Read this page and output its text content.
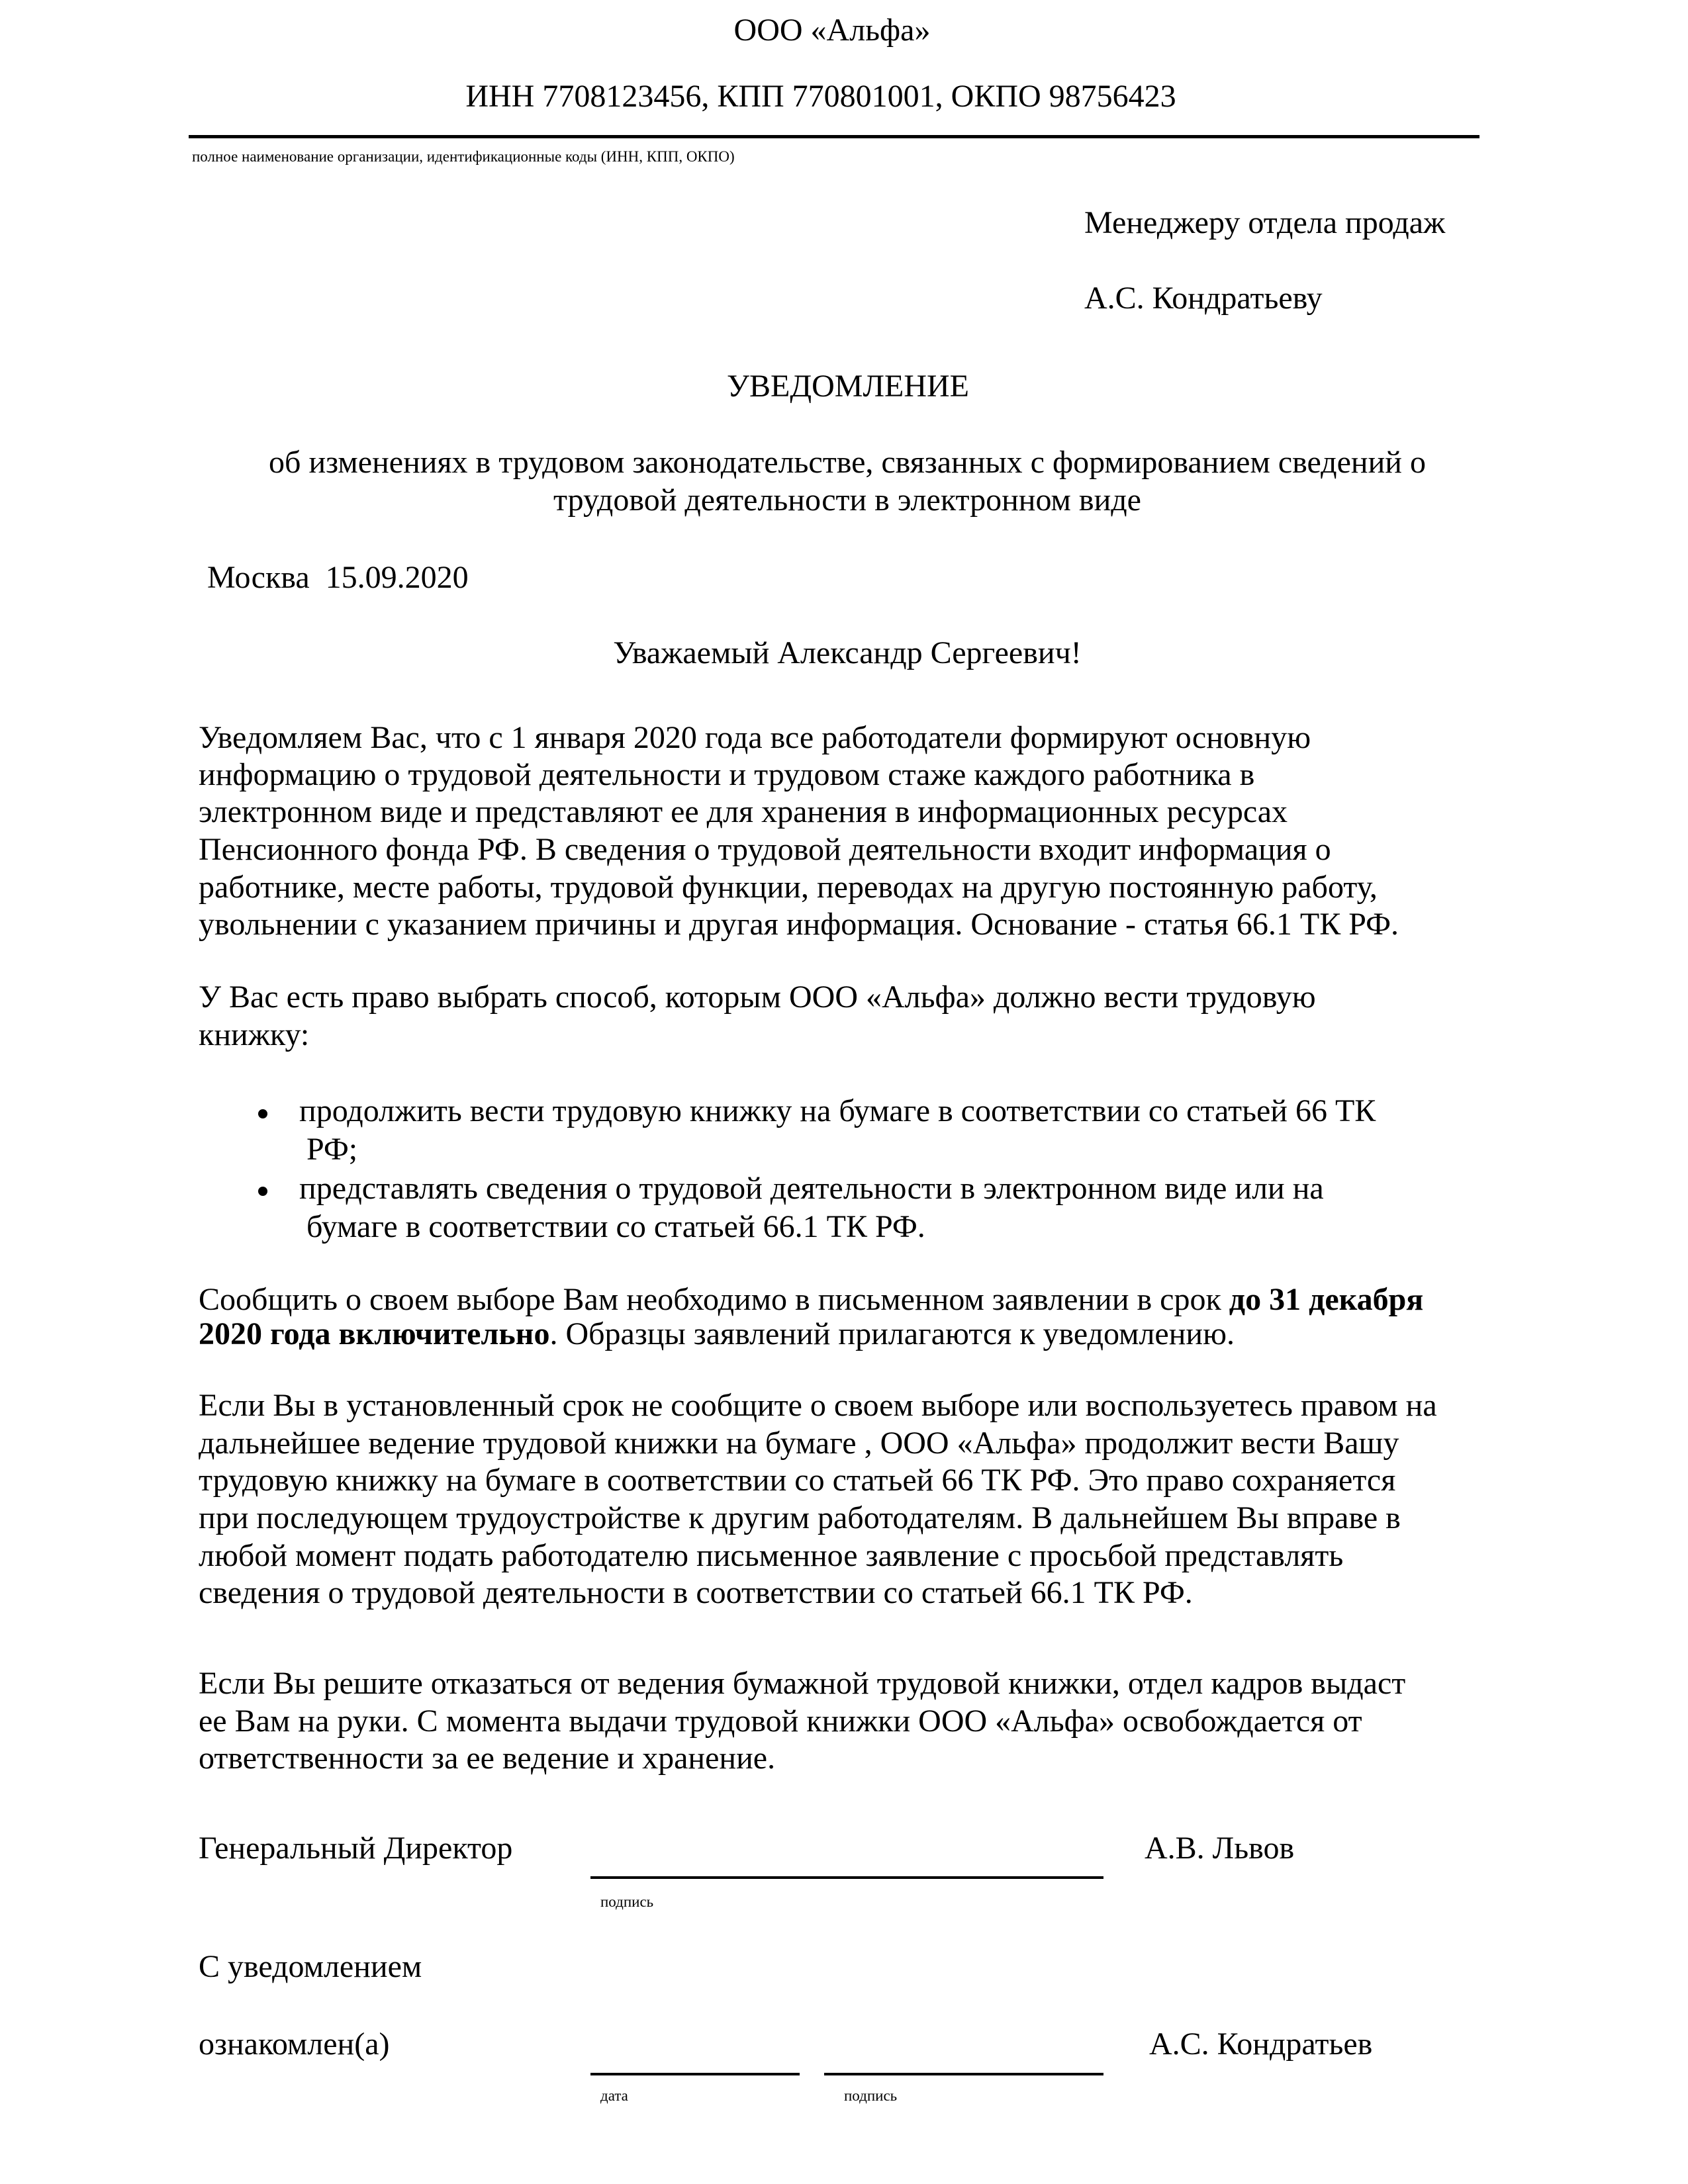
ООО «Альфа»
ИНН 7708123456, КПП 770801001, ОКПО 98756423
полное наименование организации, идентификационные коды (ИНН, КПП, ОКПО)
Менеджеру отдела продаж
А.С. Кондратьеву
УВЕДОМЛЕНИЕ
об изменениях в трудовом законодательстве, связанных с формированием сведений о
трудовой деятельности в электронном виде
Москва 15.09.2020
Уважаемый Александр Сергеевич!
Уведомляем Вас, что с 1 января 2020 года все работодатели формируют основную
информацию о трудовой деятельности и трудовом стаже каждого работника в
электронном виде и представляют ее для хранения в информационных ресурсах
Пенсионного фонда РФ. В сведения о трудовой деятельности входит информация о
работнике, месте работы, трудовой функции, переводах на другую постоянную работу,
увольнении с указанием причины и другая информация. Основание - статья 66.1 ТК РФ.
У Вас есть право выбрать способ, которым ООО «Альфа» должно вести трудовую
книжку:
продолжить вести трудовую книжку на бумаге в соответствии со статьей 66 ТК
РФ;
представлять сведения о трудовой деятельности в электронном виде или на
бумаге в соответствии со статьей 66.1 ТК РФ.
Сообщить о своем выборе Вам необходимо в письменном заявлении в срок до 31 декабря
2020 года включительно. Образцы заявлений прилагаются к уведомлению.
Если Вы в установленный срок не сообщите о своем выборе или воспользуетесь правом на
дальнейшее ведение трудовой книжки на бумаге , ООО «Альфа» продолжит вести Вашу
трудовую книжку на бумаге в соответствии со статьей 66 ТК РФ. Это право сохраняется
при последующем трудоустройстве к другим работодателям. В дальнейшем Вы вправе в
любой момент подать работодателю письменное заявление с просьбой представлять
сведения о трудовой деятельности в соответствии со статьей 66.1 ТК РФ.
Если Вы решите отказаться от ведения бумажной трудовой книжки, отдел кадров выдаст
ее Вам на руки. С момента выдачи трудовой книжки ООО «Альфа» освобождается от
ответственности за ее ведение и хранение.
Генеральный Директор
подпись
А.В. Львов
С уведомлением
ознакомлен(а)
дата	подпись
А.С. Кондратьев
